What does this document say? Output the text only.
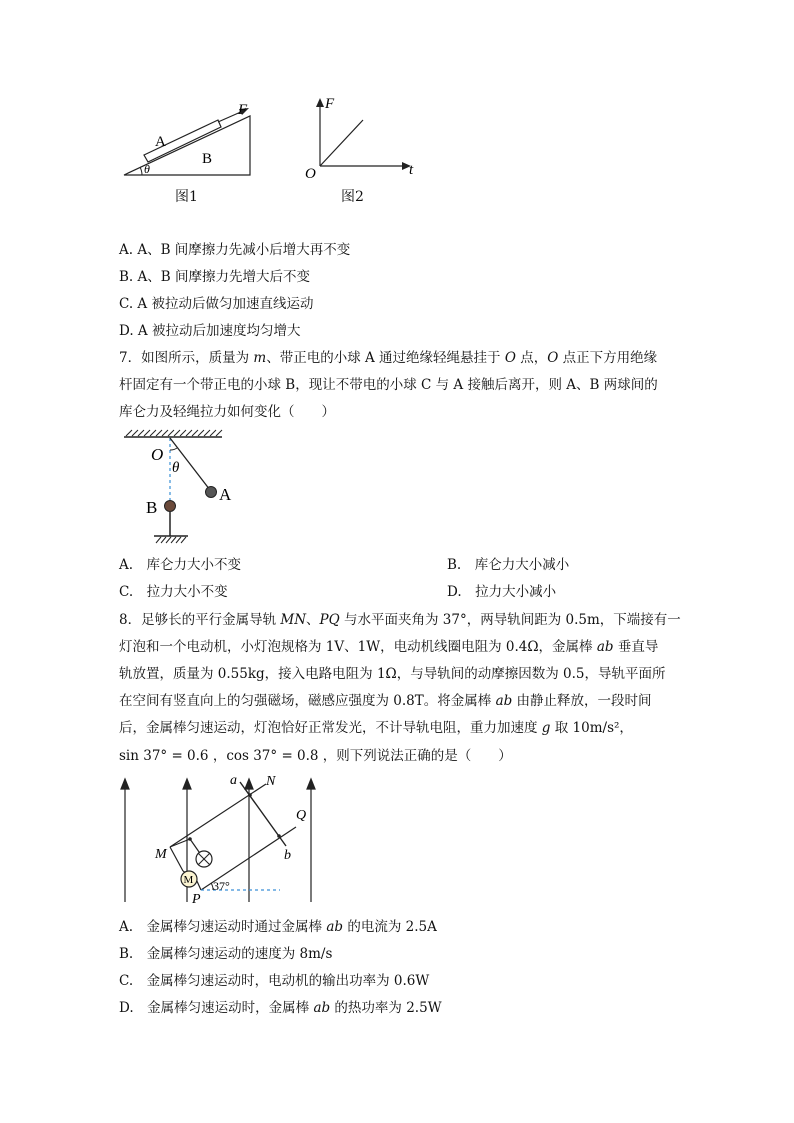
F
A
B
θ
图1
F
O	t
图2
A. A、B 间摩擦力先减小后增大再不变
B. A、B 间摩擦力先增大后不变
C. A 被拉动后做匀加速直线运动
D. A 被拉动后加速度均匀增大
7．如图所示，质量为 m、带正电的小球 A 通过绝缘轻绳悬挂于 O 点，O 点正下方用绝缘
杆固定有一个带正电的小球 B，现让不带电的小球 C 与 A 接触后离开，则 A、B 两球间的
库仑力及轻绳拉力如何变化（　　）
O
θ
A
B
A.　库仑力大小不变	B.　库仑力大小减小
C.　拉力大小不变	D.　拉力大小减小
8．足够长的平行金属导轨 MN、PQ 与水平面夹角为 37°，两导轨间距为 0.5m，下端接有一
灯泡和一个电动机，小灯泡规格为 1V、1W，电动机线圈电阻为 0.4Ω，金属棒 ab 垂直导
轨放置，质量为 0.55kg，接入电路电阻为 1Ω，与导轨间的动摩擦因数为 0.5，导轨平面所
在空间有竖直向上的匀强磁场，磁感应强度为 0.8T。将金属棒 ab 由静止释放，一段时间
后，金属棒匀速运动，灯泡恰好正常发光，不计导轨电阻，重力加速度 g 取 10m/s²，
sin 37° = 0.6 ，cos 37° = 0.8 ，则下列说法正确的是（　　）
M
a N
Q
b
M
P
37°
A.　金属棒匀速运动时通过金属棒 ab 的电流为 2.5A
B.　金属棒匀速运动的速度为 8m/s
C.　金属棒匀速运动时，电动机的输出功率为 0.6W
D.　金属棒匀速运动时，金属棒 ab 的热功率为 2.5W
